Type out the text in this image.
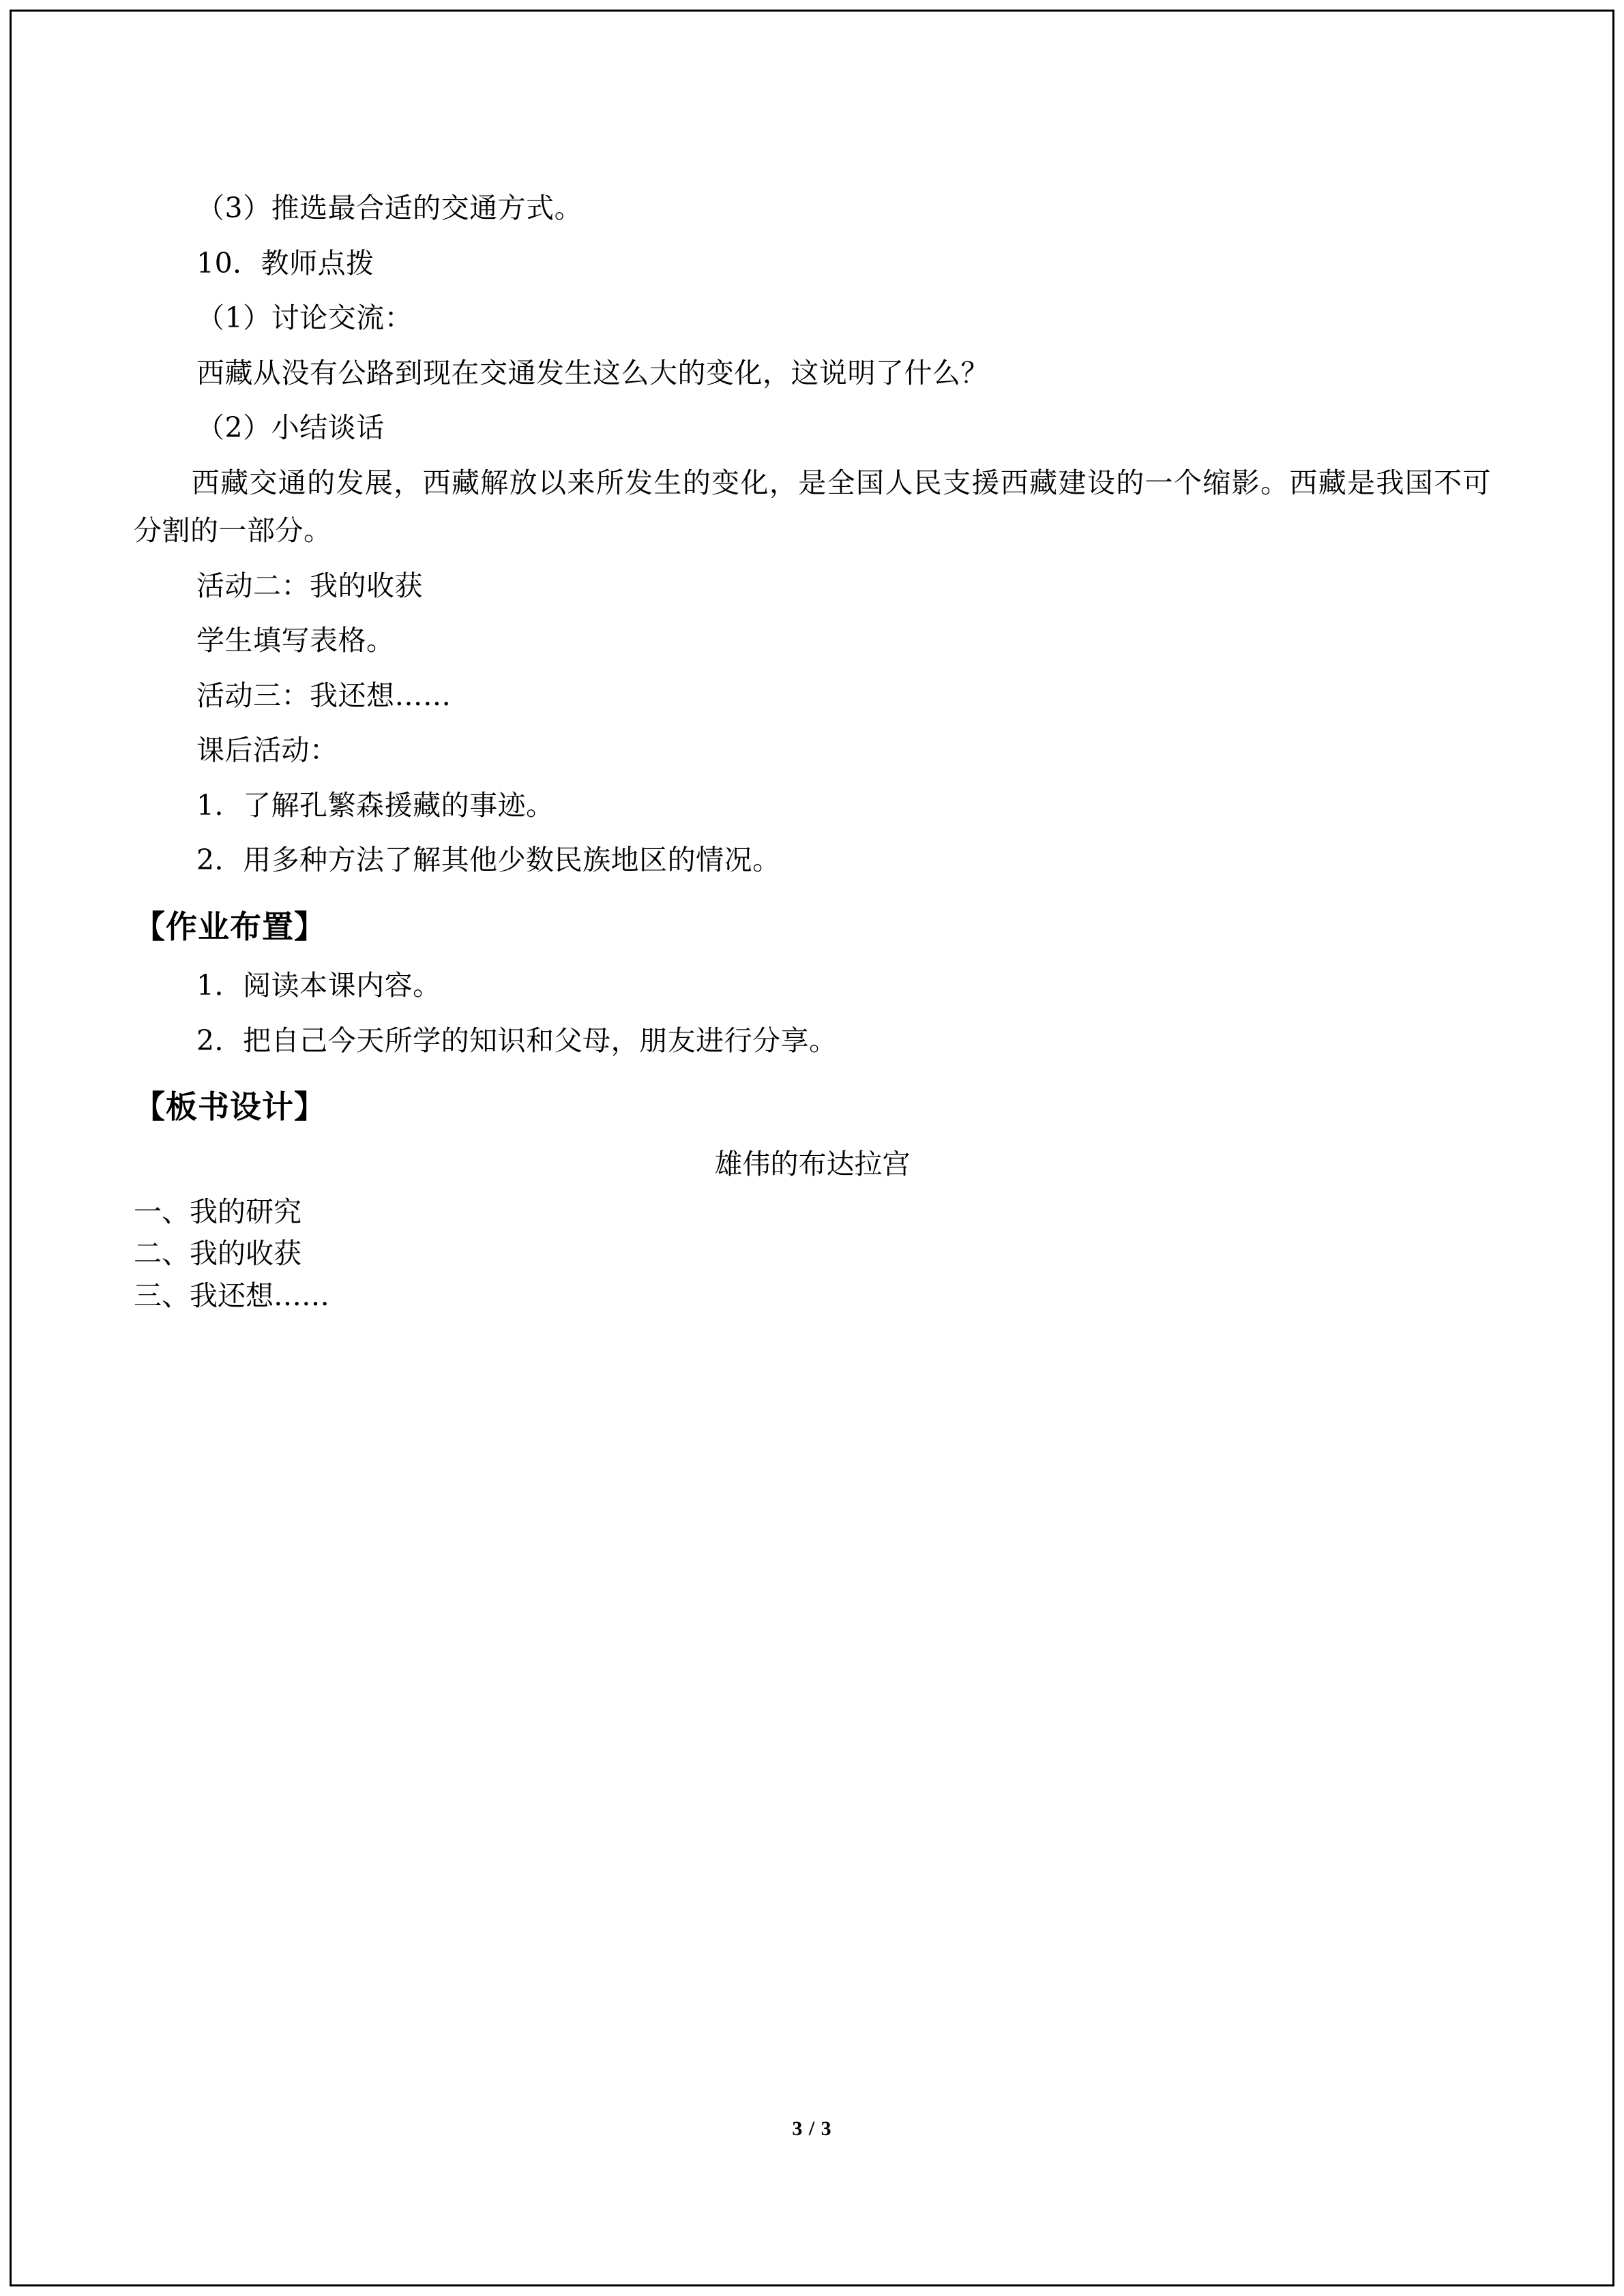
（3）推选最合适的交通方式。

10．教师点拨

（1）讨论交流：

西藏从没有公路到现在交通发生这么大的变化，这说明了什么？

（2）小结谈话

　　西藏交通的发展，西藏解放以来所发生的变化，是全国人民支援西藏建设的一个缩影。西藏是我国不可分割的一部分。

活动二：我的收获

学生填写表格。

活动三：我还想……

课后活动：

1．了解孔繁森援藏的事迹。

2．用多种方法了解其他少数民族地区的情况。

【作业布置】

1．阅读本课内容。

2．把自己今天所学的知识和父母，朋友进行分享。

【板书设计】

雄伟的布达拉宫

一、我的研究

二、我的收获

三、我还想……

3 / 3
